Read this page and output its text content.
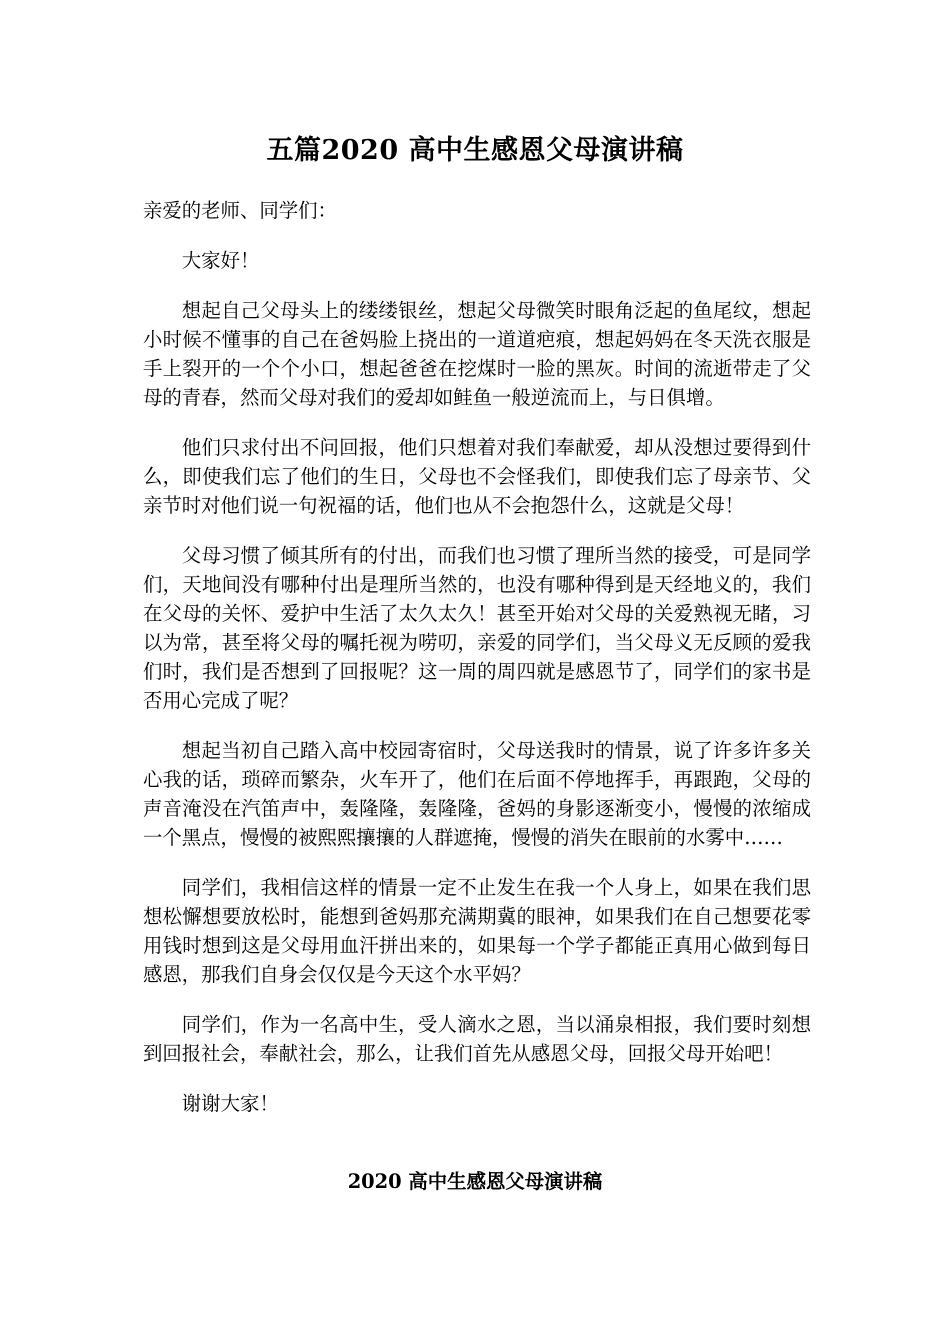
五篇2020 高中生感恩父母演讲稿

亲爱的老师、同学们：

大家好！

想起自己父母头上的缕缕银丝，想起父母微笑时眼角泛起的鱼尾纹，想起小时候不懂事的自己在爸妈脸上挠出的一道道疤痕，想起妈妈在冬天洗衣服是手上裂开的一个个小口，想起爸爸在挖煤时一脸的黑灰。时间的流逝带走了父母的青春，然而父母对我们的爱却如鲑鱼一般逆流而上，与日俱增。

他们只求付出不问回报，他们只想着对我们奉献爱，却从没想过要得到什么，即使我们忘了他们的生日，父母也不会怪我们，即使我们忘了母亲节、父亲节时对他们说一句祝福的话，他们也从不会抱怨什么，这就是父母！

父母习惯了倾其所有的付出，而我们也习惯了理所当然的接受，可是同学们，天地间没有哪种付出是理所当然的，也没有哪种得到是天经地义的，我们在父母的关怀、爱护中生活了太久太久！甚至开始对父母的关爱熟视无睹，习以为常，甚至将父母的嘱托视为唠叨，亲爱的同学们，当父母义无反顾的爱我们时，我们是否想到了回报呢？这一周的周四就是感恩节了，同学们的家书是否用心完成了呢？

想起当初自己踏入高中校园寄宿时，父母送我时的情景，说了许多许多关心我的话，琐碎而繁杂，火车开了，他们在后面不停地挥手，再跟跑，父母的声音淹没在汽笛声中，轰隆隆，轰隆隆，爸妈的身影逐渐变小，慢慢的浓缩成一个黑点，慢慢的被熙熙攘攘的人群遮掩，慢慢的消失在眼前的水雾中……

同学们，我相信这样的情景一定不止发生在我一个人身上，如果在我们思想松懈想要放松时，能想到爸妈那充满期冀的眼神，如果我们在自己想要花零用钱时想到这是父母用血汗拼出来的，如果每一个学子都能正真用心做到每日感恩，那我们自身会仅仅是今天这个水平妈？

同学们，作为一名高中生，受人滴水之恩，当以涌泉相报，我们要时刻想到回报社会，奉献社会，那么，让我们首先从感恩父母，回报父母开始吧！

谢谢大家！

2020 高中生感恩父母演讲稿
